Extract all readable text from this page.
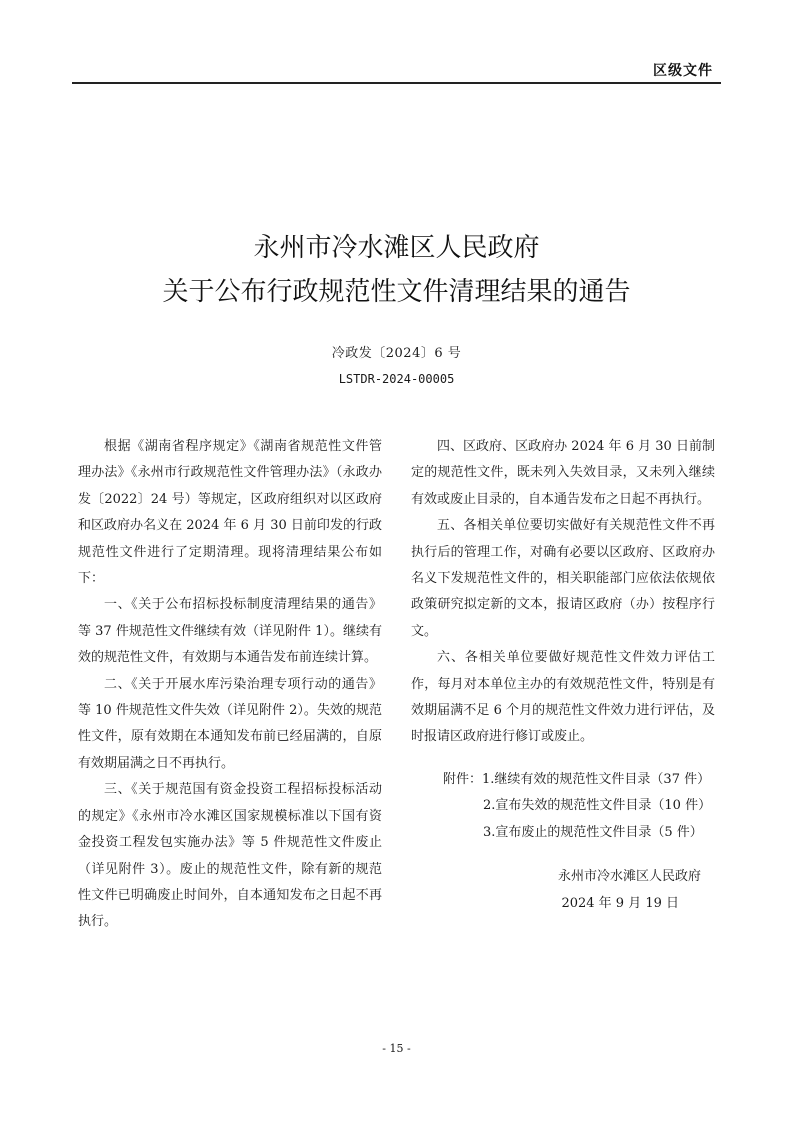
区级文件
永州市冷水滩区人民政府
关于公布行政规范性文件清理结果的通告
冷政发〔2024〕6 号
LSTDR-2024-00005

根据《湖南省程序规定》《湖南省规范性文件管理办法》《永州市行政规范性文件管理办法》（永政办发〔2022〕24 号）等规定，区政府组织对以区政府和区政府办名义在 2024 年 6 月 30 日前印发的行政规范性文件进行了定期清理。现将清理结果公布如下：

一、《关于公布招标投标制度清理结果的通告》等 37 件规范性文件继续有效（详见附件 1）。继续有效的规范性文件，有效期与本通告发布前连续计算。

二、《关于开展水库污染治理专项行动的通告》等 10 件规范性文件失效（详见附件 2）。失效的规范性文件，原有效期在本通知发布前已经届满的，自原有效期届满之日不再执行。

三、《关于规范国有资金投资工程招标投标活动的规定》《永州市冷水滩区国家规模标准以下国有资金投资工程发包实施办法》等 5 件规范性文件废止（详见附件 3）。废止的规范性文件，除有新的规范性文件已明确废止时间外，自本通知发布之日起不再执行。

四、区政府、区政府办 2024 年 6 月 30 日前制定的规范性文件，既未列入失效目录，又未列入继续有效或废止目录的，自本通告发布之日起不再执行。

五、各相关单位要切实做好有关规范性文件不再执行后的管理工作，对确有必要以区政府、区政府办名义下发规范性文件的，相关职能部门应依法依规依政策研究拟定新的文本，报请区政府（办）按程序行文。

六、各相关单位要做好规范性文件效力评估工作，每月对本单位主办的有效规范性文件，特别是有效期届满不足 6 个月的规范性文件效力进行评估，及时报请区政府进行修订或废止。

附件：1.继续有效的规范性文件目录（37 件）
2.宣布失效的规范性文件目录（10 件）
3.宣布废止的规范性文件目录（5 件）
永州市冷水滩区人民政府
2024 年 9 月 19 日
- 15 -
